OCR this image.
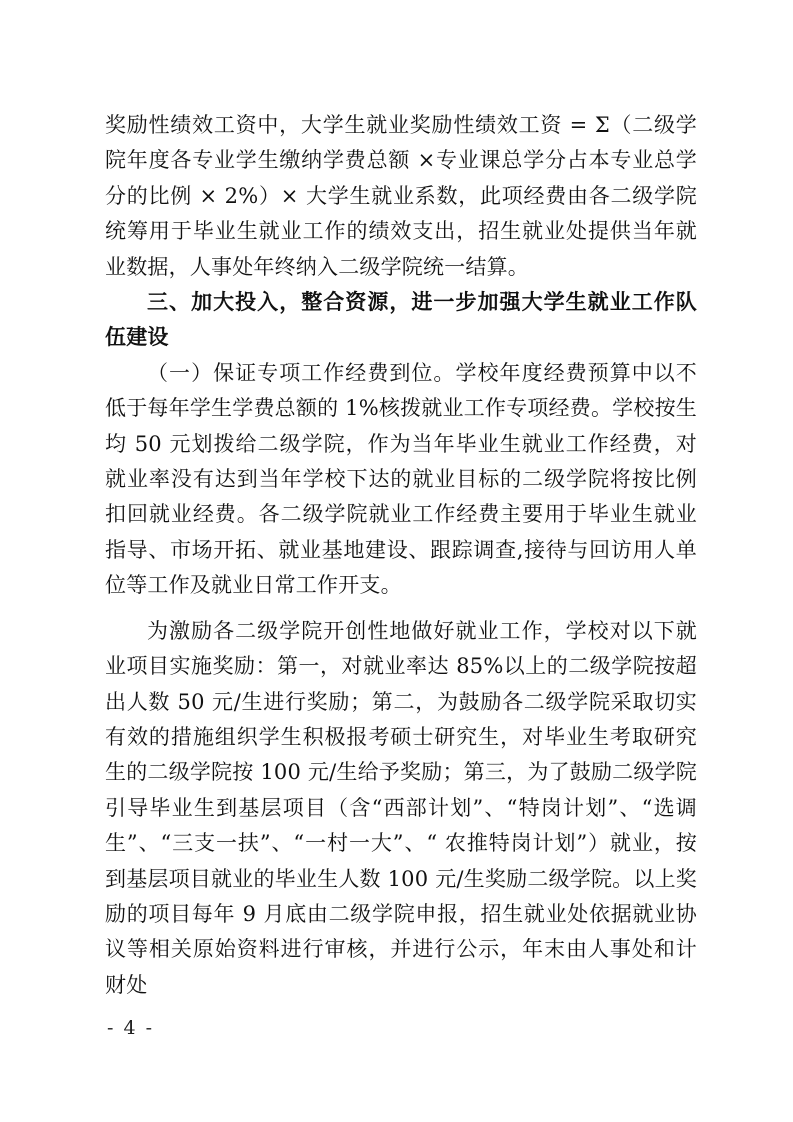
奖励性绩效工资中，大学生就业奖励性绩效工资 = Σ（二级学院年度各专业学生缴纳学费总额 ×专业课总学分占本专业总学分的比例 × 2%）× 大学生就业系数，此项经费由各二级学院统筹用于毕业生就业工作的绩效支出，招生就业处提供当年就业数据，人事处年终纳入二级学院统一结算。

三、加大投入，整合资源，进一步加强大学生就业工作队伍建设

（一）保证专项工作经费到位。学校年度经费预算中以不低于每年学生学费总额的 1%核拨就业工作专项经费。学校按生均 50 元划拨给二级学院，作为当年毕业生就业工作经费，对就业率没有达到当年学校下达的就业目标的二级学院将按比例扣回就业经费。各二级学院就业工作经费主要用于毕业生就业指导、市场开拓、就业基地建设、跟踪调查,接待与回访用人单位等工作及就业日常工作开支。

为激励各二级学院开创性地做好就业工作，学校对以下就业项目实施奖励：第一，对就业率达 85%以上的二级学院按超出人数 50 元/生进行奖励；第二，为鼓励各二级学院采取切实有效的措施组织学生积极报考硕士研究生，对毕业生考取研究生的二级学院按 100 元/生给予奖励；第三，为了鼓励二级学院引导毕业生到基层项目（含“西部计划”、“特岗计划”、“选调生”、“三支一扶”、“一村一大”、“ 农推特岗计划”）就业，按到基层项目就业的毕业生人数 100 元/生奖励二级学院。以上奖励的项目每年 9 月底由二级学院申报，招生就业处依据就业协议等相关原始资料进行审核，并进行公示，年末由人事处和计财处

- 4 -
